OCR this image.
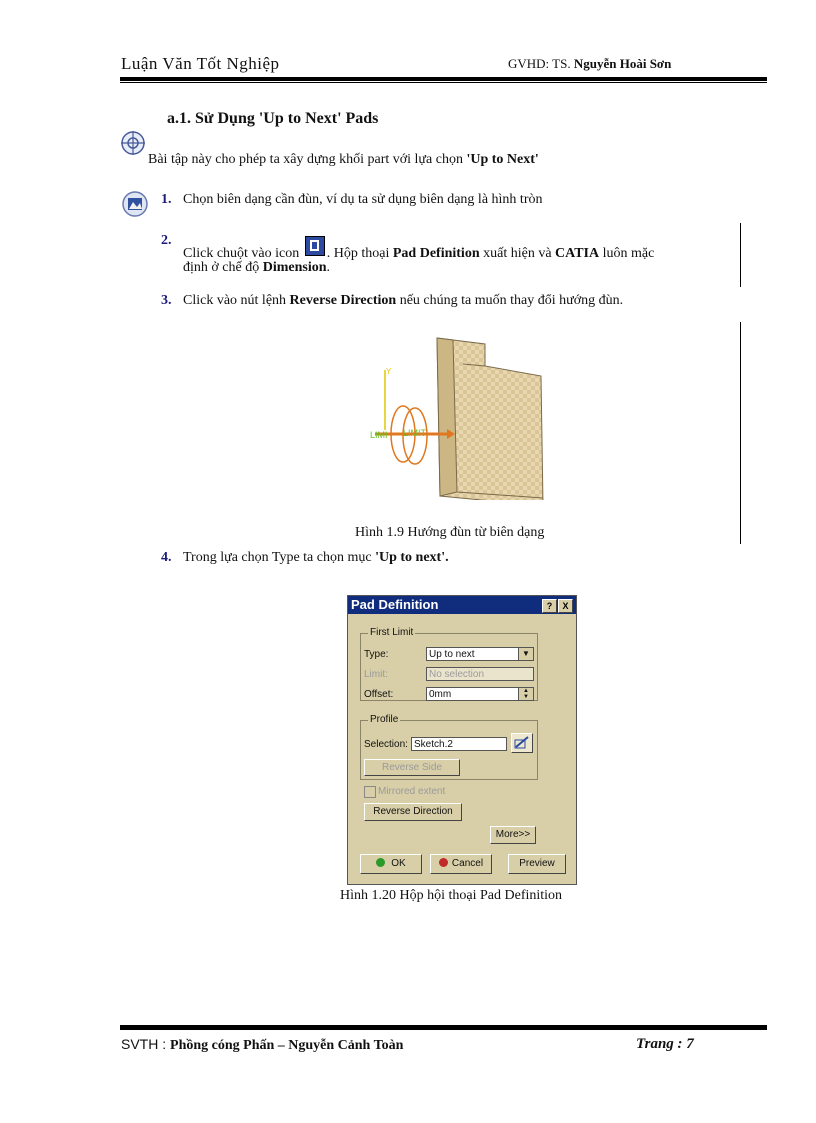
Luận Văn Tốt Nghiệp	GVHD: TS. Nguyễn Hoài Sơn
a.1. Sử Dụng 'Up to Next' Pads
Bài tập này cho phép ta xây dựng khối part với lựa chọn 'Up to Next'
1. Chọn biên dạng cần đùn, ví dụ ta sử dụng biên dạng là hình tròn
2.
Click chuột vào icon
. Hộp thoại Pad Definition xuất hiện và CATIA luôn mặc
định ở chế độ Dimension.
3. Click vào nút lệnh Reverse Direction nếu chúng ta muốn thay đổi hướng đùn.
Y
LIMI LIMIT
Hình 1.9 Hướng đùn từ biên dạng
4. Trong lựa chọn Type ta chọn mục 'Up to next'.
Pad Definition	?	X
First Limit
Type:	Up to next	▼
Limit:	No selection
Offset:	0mm	▲
▼
Profile
Selection: Sketch.2
Reverse Side
Mirrored extent
Reverse Direction
More>>
OK	Cancel	Preview
Hình 1.20 Hộp hội thoại Pad Definition
SVTH : Phồng cóng Phấn – Nguyễn Cảnh Toàn	Trang : 7
